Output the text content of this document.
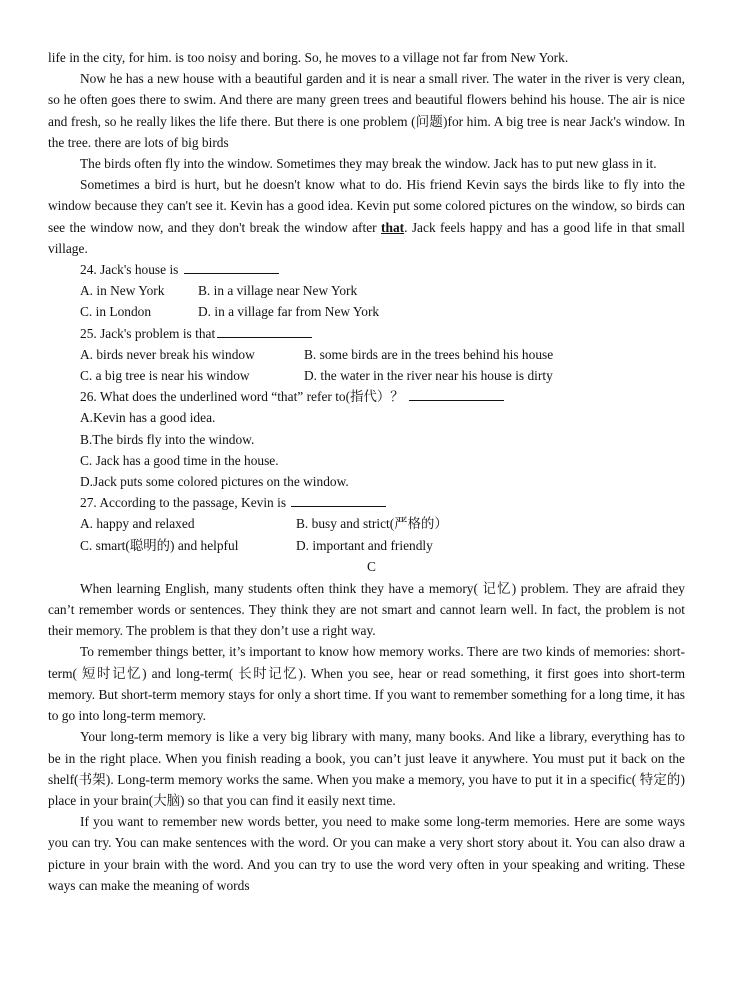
life in the city, for him. is too noisy and boring. So, he moves to a village not far from New York.

Now he has a new house with a beautiful garden and it is near a small river. The water in the river is very clean, so he often goes there to swim. And there are many green trees and beautiful flowers behind his house. The air is nice and fresh, so he really likes the life there. But there is one problem (问题)for him. A big tree is near Jack's window. In the tree. there are lots of big birds

The birds often fly into the window. Sometimes they may break the window. Jack has to put new glass in it.

Sometimes a bird is hurt, but he doesn't know what to do. His friend Kevin says the birds like to fly into the window because they can't see it. Kevin has a good idea. Kevin put some colored pictures on the window, so birds can see the window now, and they don't break the window after that. Jack feels happy and has a good life in that small village.

24. Jack's house is
A. in New York	B. in a village near New York
C. in London	D. in a village far from New York
25. Jack's problem is that
A. birds never break his window	B. some birds are in the trees behind his house
C. a big tree is near his window	D. the water in the river near his house is dirty
26. What does the underlined word “that” refer to(指代）？
A.Kevin has a good idea.
B.The birds fly into the window.
C. Jack has a good time in the house.
D.Jack puts some colored pictures on the window.
27. According to the passage, Kevin is
A. happy and relaxed	B. busy and strict(严格的）
C. smart(聪明的) and helpful	D. important and friendly
C

When learning English, many students often think they have a memory( 记忆) problem. They are afraid they can’t remember words or sentences. They think they are not smart and cannot learn well. In fact, the problem is not their memory. The problem is that they don’t use a right way.

To remember things better, it’s important to know how memory works. There are two kinds of memories: short-term( 短时记忆) and long-term( 长时记忆). When you see, hear or read something, it first goes into short-term memory. But short-term memory stays for only a short time. If you want to remember something for a long time, it has to go into long-term memory.

Your long-term memory is like a very big library with many, many books. And like a library, everything has to be in the right place. When you finish reading a book, you can’t just leave it anywhere. You must put it back on the shelf(书架). Long-term memory works the same. When you make a memory, you have to put it in a specific( 特定的) place in your brain(大脑) so that you can find it easily next time.

If you want to remember new words better, you need to make some long-term memories. Here are some ways you can try. You can make sentences with the word. Or you can make a very short story about it. You can also draw a picture in your brain with the word. And you can try to use the word very often in your speaking and writing. These ways can make the meaning of words
